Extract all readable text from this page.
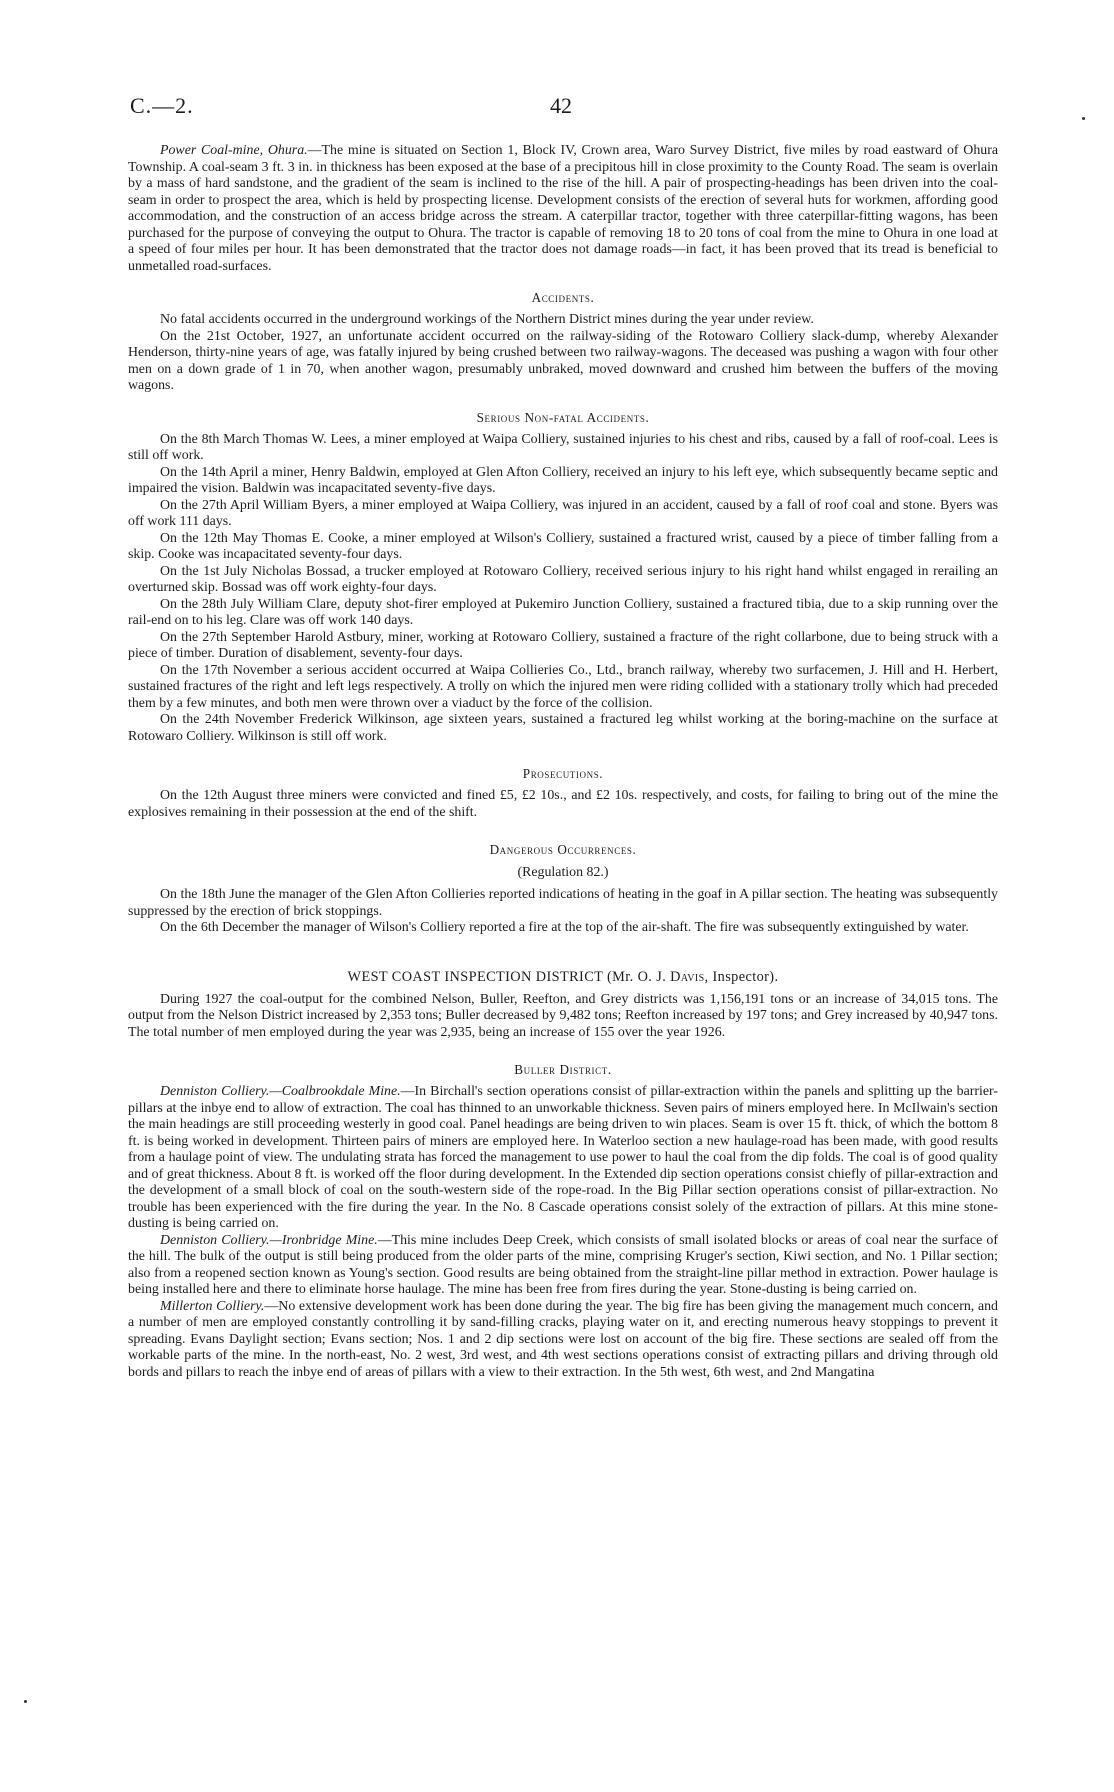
C.—2.	42

Power Coal-mine, Ohura.—The mine is situated on Section 1, Block IV, Crown area, Waro Survey District, five miles by road eastward of Ohura Township. A coal-seam 3 ft. 3 in. in thickness has been exposed at the base of a precipitous hill in close proximity to the County Road. The seam is overlain by a mass of hard sandstone, and the gradient of the seam is inclined to the rise of the hill. A pair of prospecting-headings has been driven into the coal-seam in order to prospect the area, which is held by prospecting license. Development consists of the erection of several huts for workmen, affording good accommodation, and the construction of an access bridge across the stream. A caterpillar tractor, together with three caterpillar-fitting wagons, has been purchased for the purpose of conveying the output to Ohura. The tractor is capable of removing 18 to 20 tons of coal from the mine to Ohura in one load at a speed of four miles per hour. It has been demonstrated that the tractor does not damage roads—in fact, it has been proved that its tread is beneficial to unmetalled road-surfaces.

Accidents.

No fatal accidents occurred in the underground workings of the Northern District mines during the year under review.

On the 21st October, 1927, an unfortunate accident occurred on the railway-siding of the Rotowaro Colliery slack-dump, whereby Alexander Henderson, thirty-nine years of age, was fatally injured by being crushed between two railway-wagons. The deceased was pushing a wagon with four other men on a down grade of 1 in 70, when another wagon, presumably unbraked, moved downward and crushed him between the buffers of the moving wagons.

Serious Non-fatal Accidents.

On the 8th March Thomas W. Lees, a miner employed at Waipa Colliery, sustained injuries to his chest and ribs, caused by a fall of roof-coal. Lees is still off work.

On the 14th April a miner, Henry Baldwin, employed at Glen Afton Colliery, received an injury to his left eye, which subsequently became septic and impaired the vision. Baldwin was incapacitated seventy-five days.

On the 27th April William Byers, a miner employed at Waipa Colliery, was injured in an accident, caused by a fall of roof coal and stone. Byers was off work 111 days.

On the 12th May Thomas E. Cooke, a miner employed at Wilson's Colliery, sustained a fractured wrist, caused by a piece of timber falling from a skip. Cooke was incapacitated seventy-four days.

On the 1st July Nicholas Bossad, a trucker employed at Rotowaro Colliery, received serious injury to his right hand whilst engaged in rerailing an overturned skip. Bossad was off work eighty-four days.

On the 28th July William Clare, deputy shot-firer employed at Pukemiro Junction Colliery, sustained a fractured tibia, due to a skip running over the rail-end on to his leg. Clare was off work 140 days.

On the 27th September Harold Astbury, miner, working at Rotowaro Colliery, sustained a fracture of the right collarbone, due to being struck with a piece of timber. Duration of disablement, seventy-four days.

On the 17th November a serious accident occurred at Waipa Collieries Co., Ltd., branch railway, whereby two surfacemen, J. Hill and H. Herbert, sustained fractures of the right and left legs respectively. A trolly on which the injured men were riding collided with a stationary trolly which had preceded them by a few minutes, and both men were thrown over a viaduct by the force of the collision.

On the 24th November Frederick Wilkinson, age sixteen years, sustained a fractured leg whilst working at the boring-machine on the surface at Rotowaro Colliery. Wilkinson is still off work.

Prosecutions.

On the 12th August three miners were convicted and fined £5, £2 10s., and £2 10s. respectively, and costs, for failing to bring out of the mine the explosives remaining in their possession at the end of the shift.

Dangerous Occurrences.

(Regulation 82.)

On the 18th June the manager of the Glen Afton Collieries reported indications of heating in the goaf in A pillar section. The heating was subsequently suppressed by the erection of brick stoppings.

On the 6th December the manager of Wilson's Colliery reported a fire at the top of the air-shaft. The fire was subsequently extinguished by water.

WEST COAST INSPECTION DISTRICT (Mr. O. J. Davis, Inspector).

During 1927 the coal-output for the combined Nelson, Buller, Reefton, and Grey districts was 1,156,191 tons or an increase of 34,015 tons. The output from the Nelson District increased by 2,353 tons; Buller decreased by 9,482 tons; Reefton increased by 197 tons; and Grey increased by 40,947 tons. The total number of men employed during the year was 2,935, being an increase of 155 over the year 1926.

Buller District.

Denniston Colliery.—Coalbrookdale Mine.—In Birchall's section operations consist of pillar-extraction within the panels and splitting up the barrier-pillars at the inbye end to allow of extraction. The coal has thinned to an unworkable thickness. Seven pairs of miners employed here. In McIlwain's section the main headings are still proceeding westerly in good coal. Panel headings are being driven to win places. Seam is over 15 ft. thick, of which the bottom 8 ft. is being worked in development. Thirteen pairs of miners are employed here. In Waterloo section a new haulage-road has been made, with good results from a haulage point of view. The undulating strata has forced the management to use power to haul the coal from the dip folds. The coal is of good quality and of great thickness. About 8 ft. is worked off the floor during development. In the Extended dip section operations consist chiefly of pillar-extraction and the development of a small block of coal on the south-western side of the rope-road. In the Big Pillar section operations consist of pillar-extraction. No trouble has been experienced with the fire during the year. In the No. 8 Cascade operations consist solely of the extraction of pillars. At this mine stone-dusting is being carried on.

Denniston Colliery.—Ironbridge Mine.—This mine includes Deep Creek, which consists of small isolated blocks or areas of coal near the surface of the hill. The bulk of the output is still being produced from the older parts of the mine, comprising Kruger's section, Kiwi section, and No. 1 Pillar section; also from a reopened section known as Young's section. Good results are being obtained from the straight-line pillar method in extraction. Power haulage is being installed here and there to eliminate horse haulage. The mine has been free from fires during the year. Stone-dusting is being carried on.

Millerton Colliery.—No extensive development work has been done during the year. The big fire has been giving the management much concern, and a number of men are employed constantly controlling it by sand-filling cracks, playing water on it, and erecting numerous heavy stoppings to prevent it spreading. Evans Daylight section; Evans section; Nos. 1 and 2 dip sections were lost on account of the big fire. These sections are sealed off from the workable parts of the mine. In the north-east, No. 2 west, 3rd west, and 4th west sections operations consist of extracting pillars and driving through old bords and pillars to reach the inbye end of areas of pillars with a view to their extraction. In the 5th west, 6th west, and 2nd Mangatina
